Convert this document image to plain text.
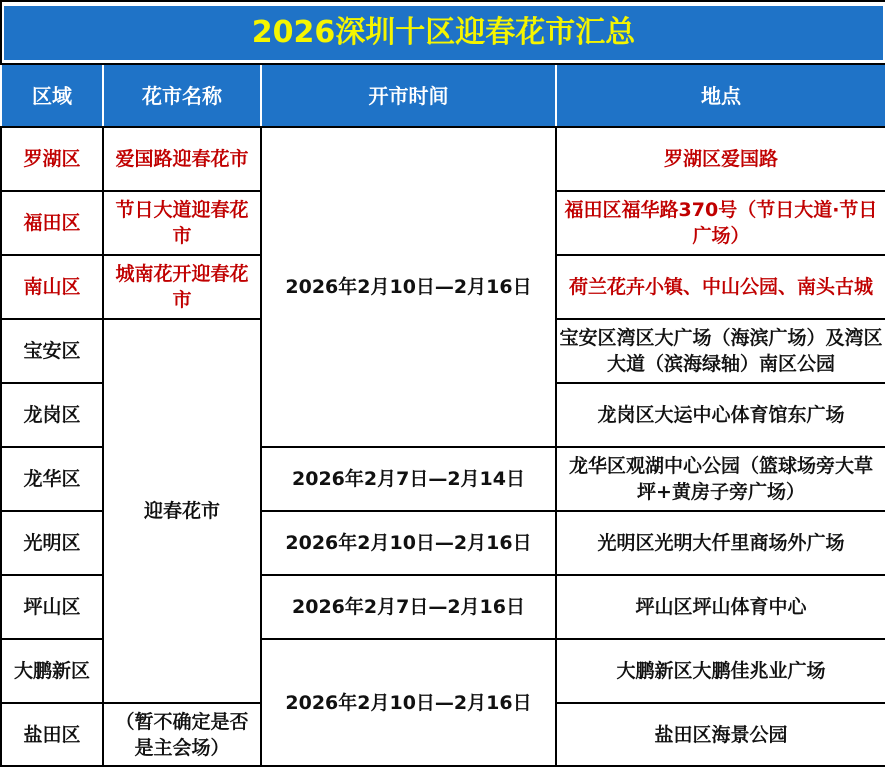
2026深圳十区迎春花市汇总			

区域	花市名称	开市时间	地点
罗湖区	爱国路迎春花市	2026年2月10日—2月16日	罗湖区爱国路
福田区	节日大道迎春花市		福田区福华路370号（节日大道·节日广场）
南山区	城南花开迎春花市		荷兰花卉小镇、中山公园、南头古城
宝安区	迎春花市		宝安区湾区大广场（海滨广场）及湾区大道（滨海绿轴）南区公园

龙岗区			龙岗区大运中心体育馆东广场
龙华区		2026年2月7日—2月14日	龙华区观湖中心公园（篮球场旁大草坪+黄房子旁广场）
光明区		2026年2月10日—2月16日	光明区光明大仟里商场外广场
坪山区		2026年2月7日—2月16日	坪山区坪山体育中心
大鹏新区		2026年2月10日—2月16日	大鹏新区大鹏佳兆业广场
盐田区	（暂不确定是否是主会场）		盐田区海景公园
